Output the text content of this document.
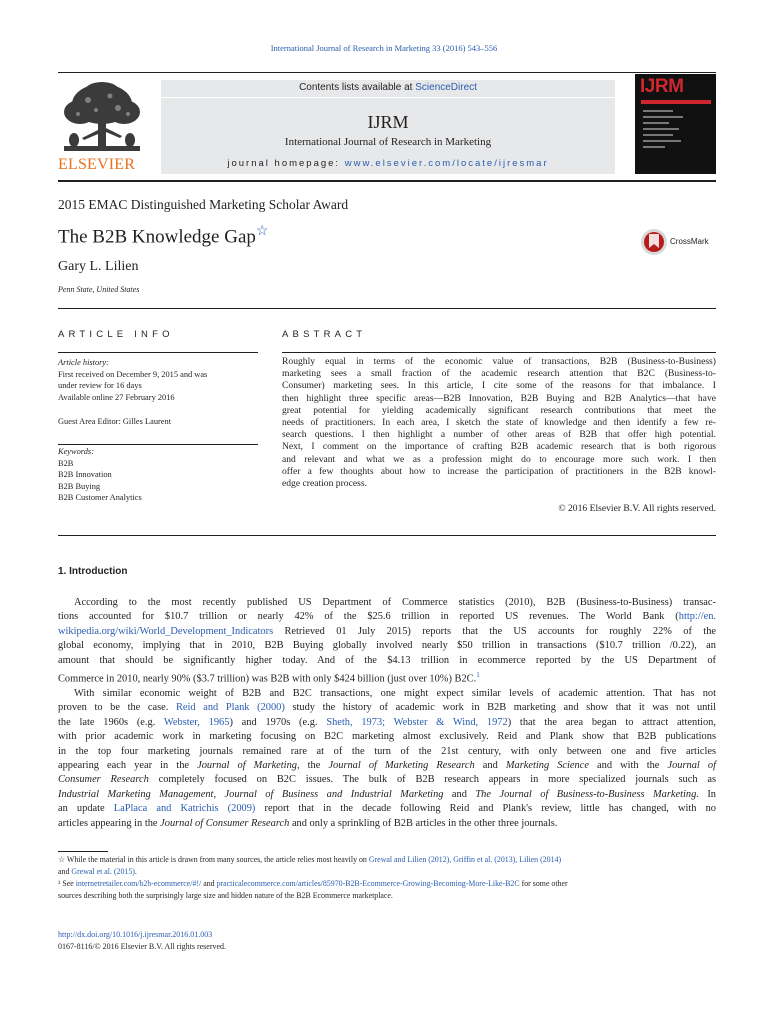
International Journal of Research in Marketing 33 (2016) 543–556
ELSEVIER
Contents lists available at ScienceDirect
IJRM
International Journal of Research in Marketing
journal homepage: www.elsevier.com/locate/ijresmar
IJRM
2015 EMAC Distinguished Marketing Scholar Award
The B2B Knowledge Gap☆
CrossMark
Gary L. Lilien
Penn State, United States
ARTICLE INFO
Article history:
First received on December 9, 2015 and was
under review for 16 days
Available online 27 February 2016
Guest Area Editor: Gilles Laurent
Keywords:
B2B
B2B Innovation
B2B Buying
B2B Customer Analytics
ABSTRACT
Roughly equal in terms of the economic value of transactions, B2B (Business-to-Business)
marketing sees a small fraction of the academic research attention that B2C (Business-to-
Consumer) marketing sees. In this article, I cite some of the reasons for that imbalance. I
then highlight three specific areas—B2B Innovation, B2B Buying and B2B Analytics—that have
great potential for yielding academically significant research contributions that meet the
needs of practitioners. In each area, I sketch the state of knowledge and then identify a few re-
search questions. I then highlight a number of other areas of B2B that offer high potential.
Next, I comment on the importance of crafting B2B academic research that is both rigorous
and relevant and what we as a profession might do to encourage more such work. I then
offer a few thoughts about how to increase the participation of practitioners in the B2B knowl-
edge creation process.
© 2016 Elsevier B.V. All rights reserved.
1. Introduction
According to the most recently published US Department of Commerce statistics (2010), B2B (Business-to-Business) transac-
tions accounted for $10.7 trillion or nearly 42% of the $25.6 trillion in reported US revenues. The World Bank (http://en.
wikipedia.org/wiki/World_Development_Indicators Retrieved 01 July 2015) reports that the US accounts for roughly 22% of the
global economy, implying that in 2010, B2B Buying globally involved nearly $50 trillion in transactions ($10.7 trillion /0.22), an
amount that should be significantly higher today. And of the $4.13 trillion in ecommerce reported by the US Department of
Commerce in 2010, nearly 90% ($3.7 trillion) was B2B with only $424 billion (just over 10%) B2C.$^1$
With similar economic weight of B2B and B2C transactions, one might expect similar levels of academic attention. That has not
proven to be the case. Reid and Plank (2000) study the history of academic work in B2B marketing and show that it was not until
the late 1960s (e.g. Webster, 1965) and 1970s (e.g. Sheth, 1973; Webster & Wind, 1972) that the area began to attract attention,
with prior academic work in marketing focusing on B2C marketing almost exclusively. Reid and Plank show that B2B publications
in the top four marketing journals remained rare at of the turn of the 21st century, with only between one and five articles
appearing each year in the Journal of Marketing, the Journal of Marketing Research and Marketing Science and with the Journal of
Consumer Research completely focused on B2C issues. The bulk of B2B research appears in more specialized journals such as
Industrial Marketing Management, Journal of Business and Industrial Marketing and The Journal of Business-to-Business Marketing. In
an update LaPlaca and Katrichis (2009) report that in the decade following Reid and Plank's review, little has changed, with no
articles appearing in the Journal of Consumer Research and only a sprinkling of B2B articles in the other three journals.
☆ While the material in this article is drawn from many sources, the article relies most heavily on Grewal and Lilien (2012), Griffin et al. (2013), Lilien (2014)
and Grewal et al. (2015).
¹ See internetretailer.com/b2b-ecommerce/#!/ and practicalecommerce.com/articles/85970-B2B-Ecommerce-Growing-Becoming-More-Like-B2C for some other
sources describing both the surprisingly large size and hidden nature of the B2B Ecommerce marketplace.
http://dx.doi.org/10.1016/j.ijresmar.2016.01.003
0167-8116/© 2016 Elsevier B.V. All rights reserved.
